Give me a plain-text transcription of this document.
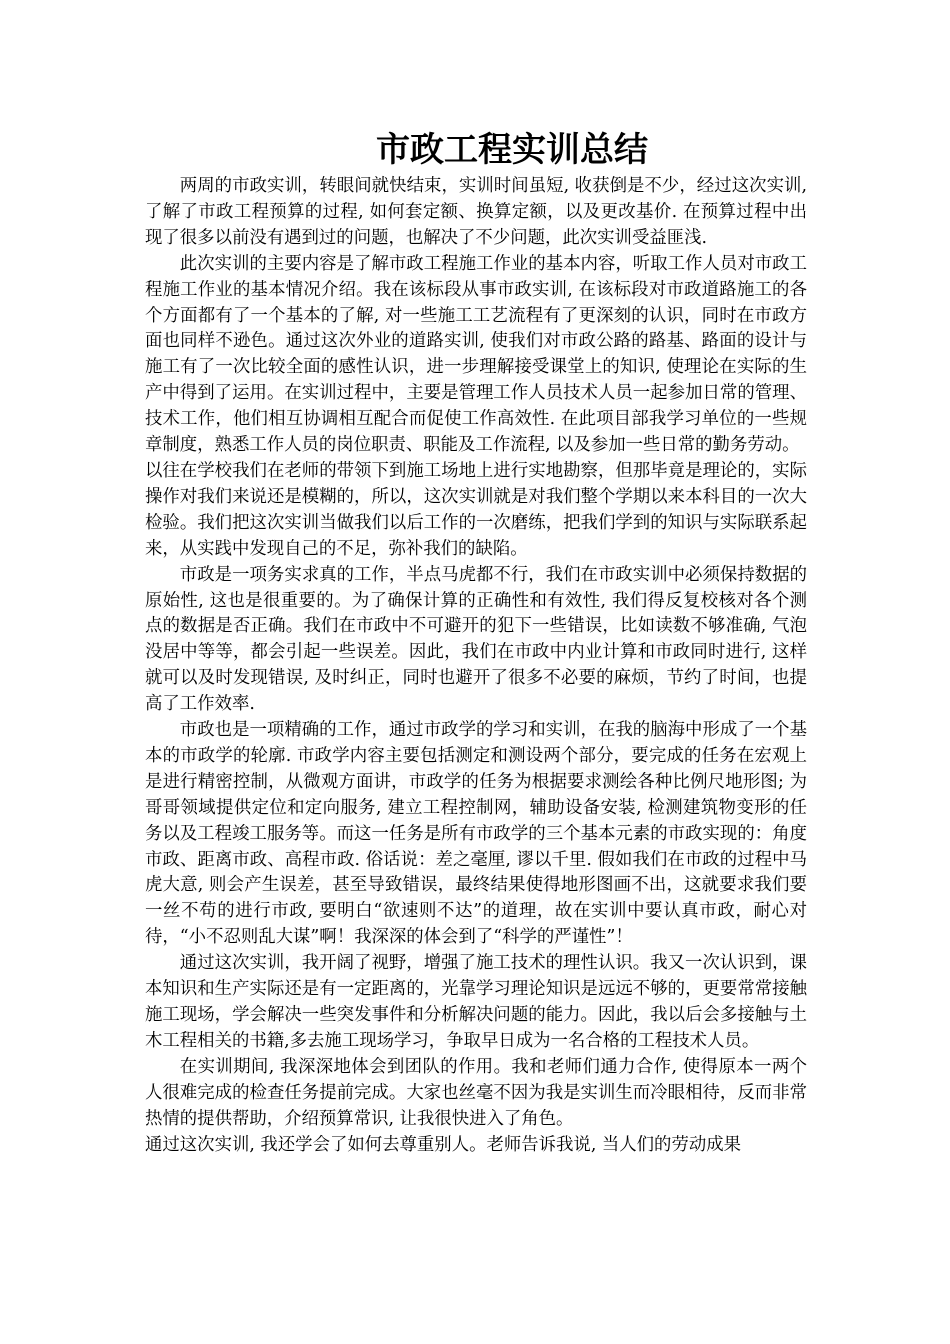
市政工程实训总结

两周的市政实训，转眼间就快结束，实训时间虽短, 收获倒是不少，经过这次实训, 了解了市政工程预算的过程, 如何套定额、换算定额，以及更改基价. 在预算过程中出现了很多以前没有遇到过的问题，也解决了不少问题，此次实训受益匪浅.

此次实训的主要内容是了解市政工程施工作业的基本内容，听取工作人员对市政工程施工作业的基本情况介绍。我在该标段从事市政实训, 在该标段对市政道路施工的各个方面都有了一个基本的了解, 对一些施工工艺流程有了更深刻的认识，同时在市政方面也同样不逊色。通过这次外业的道路实训, 使我们对市政公路的路基、路面的设计与施工有了一次比较全面的感性认识，进一步理解接受课堂上的知识, 使理论在实际的生产中得到了运用。在实训过程中，主要是管理工作人员技术人员一起参加日常的管理、技术工作，他们相互协调相互配合而促使工作高效性. 在此项目部我学习单位的一些规章制度，熟悉工作人员的岗位职责、职能及工作流程, 以及参加一些日常的勤务劳动。

以往在学校我们在老师的带领下到施工场地上进行实地勘察，但那毕竟是理论的，实际操作对我们来说还是模糊的，所以，这次实训就是对我们整个学期以来本科目的一次大检验。我们把这次实训当做我们以后工作的一次磨练，把我们学到的知识与实际联系起来，从实践中发现自己的不足，弥补我们的缺陷。

市政是一项务实求真的工作，半点马虎都不行，我们在市政实训中必须保持数据的原始性, 这也是很重要的。为了确保计算的正确性和有效性, 我们得反复校核对各个测点的数据是否正确。我们在市政中不可避开的犯下一些错误，比如读数不够准确, 气泡没居中等等，都会引起一些误差。因此，我们在市政中内业计算和市政同时进行, 这样就可以及时发现错误, 及时纠正，同时也避开了很多不必要的麻烦，节约了时间，也提高了工作效率.

市政也是一项精确的工作，通过市政学的学习和实训，在我的脑海中形成了一个基本的市政学的轮廓. 市政学内容主要包括测定和测设两个部分，要完成的任务在宏观上是进行精密控制，从微观方面讲，市政学的任务为根据要求测绘各种比例尺地形图; 为哥哥领域提供定位和定向服务, 建立工程控制网，辅助设备安装, 检测建筑物变形的任务以及工程竣工服务等。而这一任务是所有市政学的三个基本元素的市政实现的：角度市政、距离市政、高程市政. 俗话说：差之毫厘, 谬以千里. 假如我们在市政的过程中马虎大意, 则会产生误差，甚至导致错误，最终结果使得地形图画不出，这就要求我们要一丝不苟的进行市政, 要明白“欲速则不达”的道理，故在实训中要认真市政，耐心对待，“小不忍则乱大谋”啊！我深深的体会到了“科学的严谨性”！

通过这次实训，我开阔了视野，增强了施工技术的理性认识。我又一次认识到，课本知识和生产实际还是有一定距离的，光靠学习理论知识是远远不够的，更要常常接触施工现场，学会解决一些突发事件和分析解决问题的能力。因此，我以后会多接触与土木工程相关的书籍,多去施工现场学习，争取早日成为一名合格的工程技术人员。

在实训期间, 我深深地体会到团队的作用。我和老师们通力合作, 使得原本一两个人很难完成的检查任务提前完成。大家也丝毫不因为我是实训生而冷眼相待，反而非常热情的提供帮助，介绍预算常识, 让我很快进入了角色。

通过这次实训, 我还学会了如何去尊重别人。老师告诉我说, 当人们的劳动成果
